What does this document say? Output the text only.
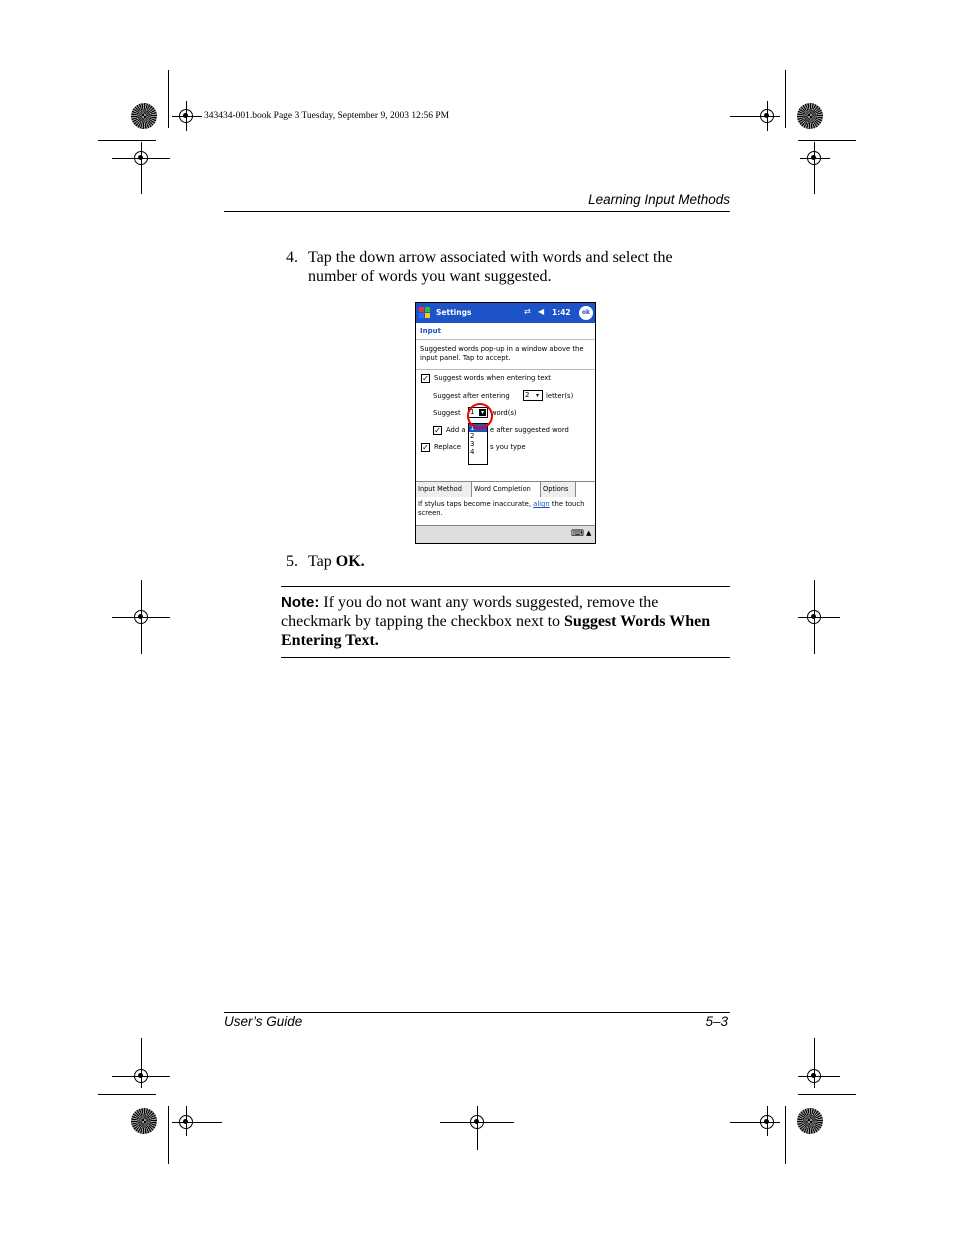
343434-001.book Page 3 Tuesday, September 9, 2003 12:56 PM
Learning Input Methods
4. Tap the down arrow associated with words and select the number of words you want suggested.
Settings	⇄ ◀ 1:42	ok
Input
Suggested words pop-up in a window above the input panel. Tap to accept.
✓ Suggest words when entering text
Suggest after entering 2	▾ letter(s)
Suggest 1	▾ word(s)
✓ Add a	e after suggested word
✓ Replace	s you type
1
2
3
4
Input Method	Word Completion	Options
If stylus taps become inaccurate, align the touch screen.
⌨ ▲
5. Tap OK.
Note: If you do not want any words suggested, remove the checkmark by tapping the checkbox next to Suggest Words When Entering Text.
User’s Guide	5–3
